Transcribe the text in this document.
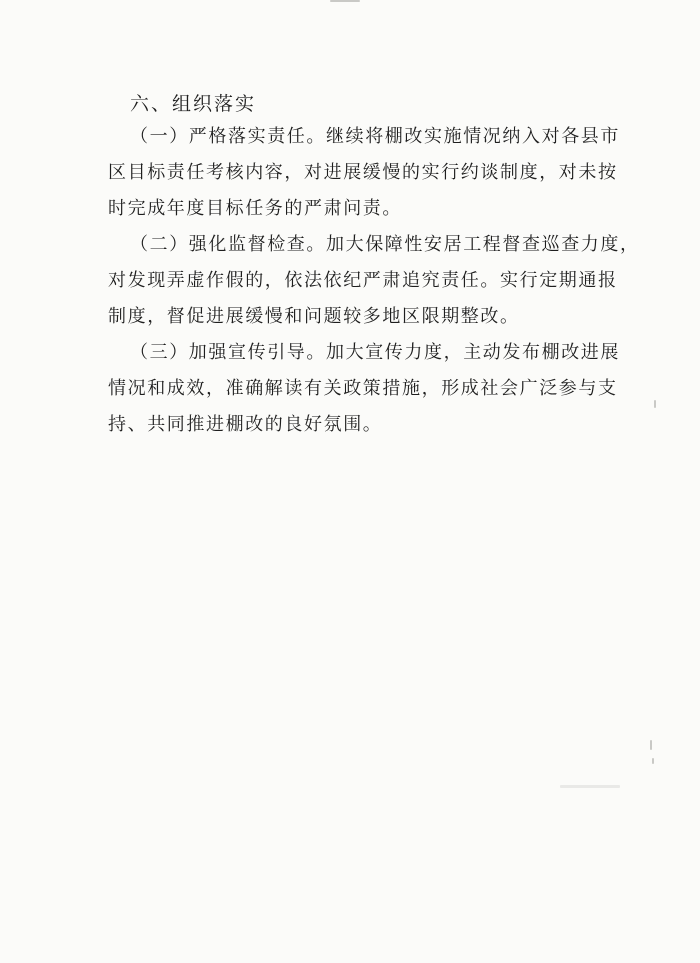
六、组织落实
（一）严格落实责任。继续将棚改实施情况纳入对各县市
区目标责任考核内容，对进展缓慢的实行约谈制度，对未按
时完成年度目标任务的严肃问责。
（二）强化监督检查。加大保障性安居工程督查巡查力度，
对发现弄虚作假的，依法依纪严肃追究责任。实行定期通报
制度，督促进展缓慢和问题较多地区限期整改。
（三）加强宣传引导。加大宣传力度，主动发布棚改进展
情况和成效，准确解读有关政策措施，形成社会广泛参与支
持、共同推进棚改的良好氛围。
